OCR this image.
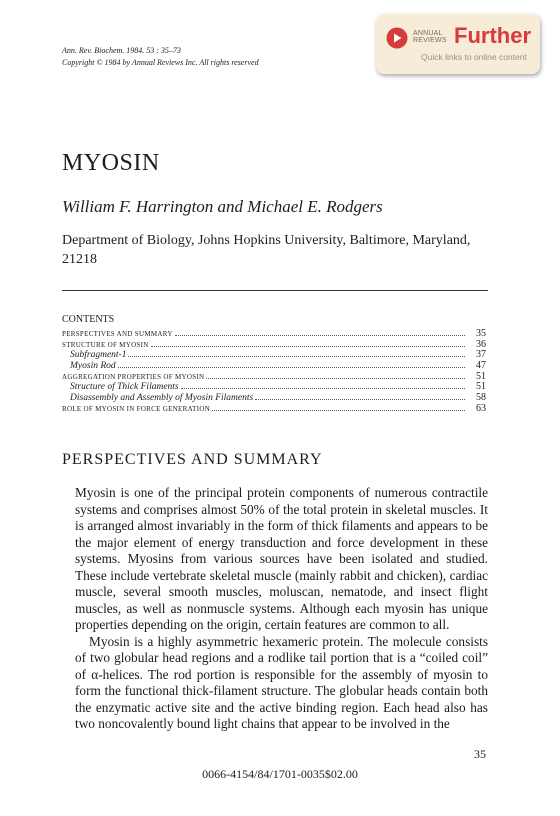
Ann. Rev. Biochem. 1984. 53 : 35–73
Copyright © 1984 by Annual Reviews Inc. All rights reserved
ANNUAL
REVIEWS Further
Quick links to online content
MYOSIN
William F. Harrington and Michael E. Rodgers
Department of Biology, Johns Hopkins University, Baltimore, Maryland, 21218
CONTENTS
PERSPECTIVES AND SUMMARY	35
STRUCTURE OF MYOSIN	36
Subfragment-1	37
Myosin Rod	47
AGGREGATION PROPERTIES OF MYOSIN	51
Structure of Thick Filaments	51
Disassembly and Assembly of Myosin Filaments	58
ROLE OF MYOSIN IN FORCE GENERATION	63
PERSPECTIVES AND SUMMARY

Myosin is one of the principal protein components of numerous contractile systems and comprises almost 50% of the total protein in skeletal muscles. It is arranged almost invariably in the form of thick filaments and appears to be the major element of energy transduction and force development in these systems. Myosins from various sources have been isolated and studied. These include vertebrate skeletal muscle (mainly rabbit and chicken), cardiac muscle, several smooth muscles, moluscan, nematode, and insect flight muscles, as well as nonmuscle systems. Although each myosin has unique properties depending on the origin, certain features are common to all.

Myosin is a highly asymmetric hexameric protein. The molecule consists of two globular head regions and a rodlike tail portion that is a “coiled coil” of α-helices. The rod portion is responsible for the assembly of myosin to form the functional thick-filament structure. The globular heads contain both the enzymatic active site and the active binding region. Each head also has two noncovalently bound light chains that appear to be involved in the

35
0066-4154/84/1701-0035$02.00
